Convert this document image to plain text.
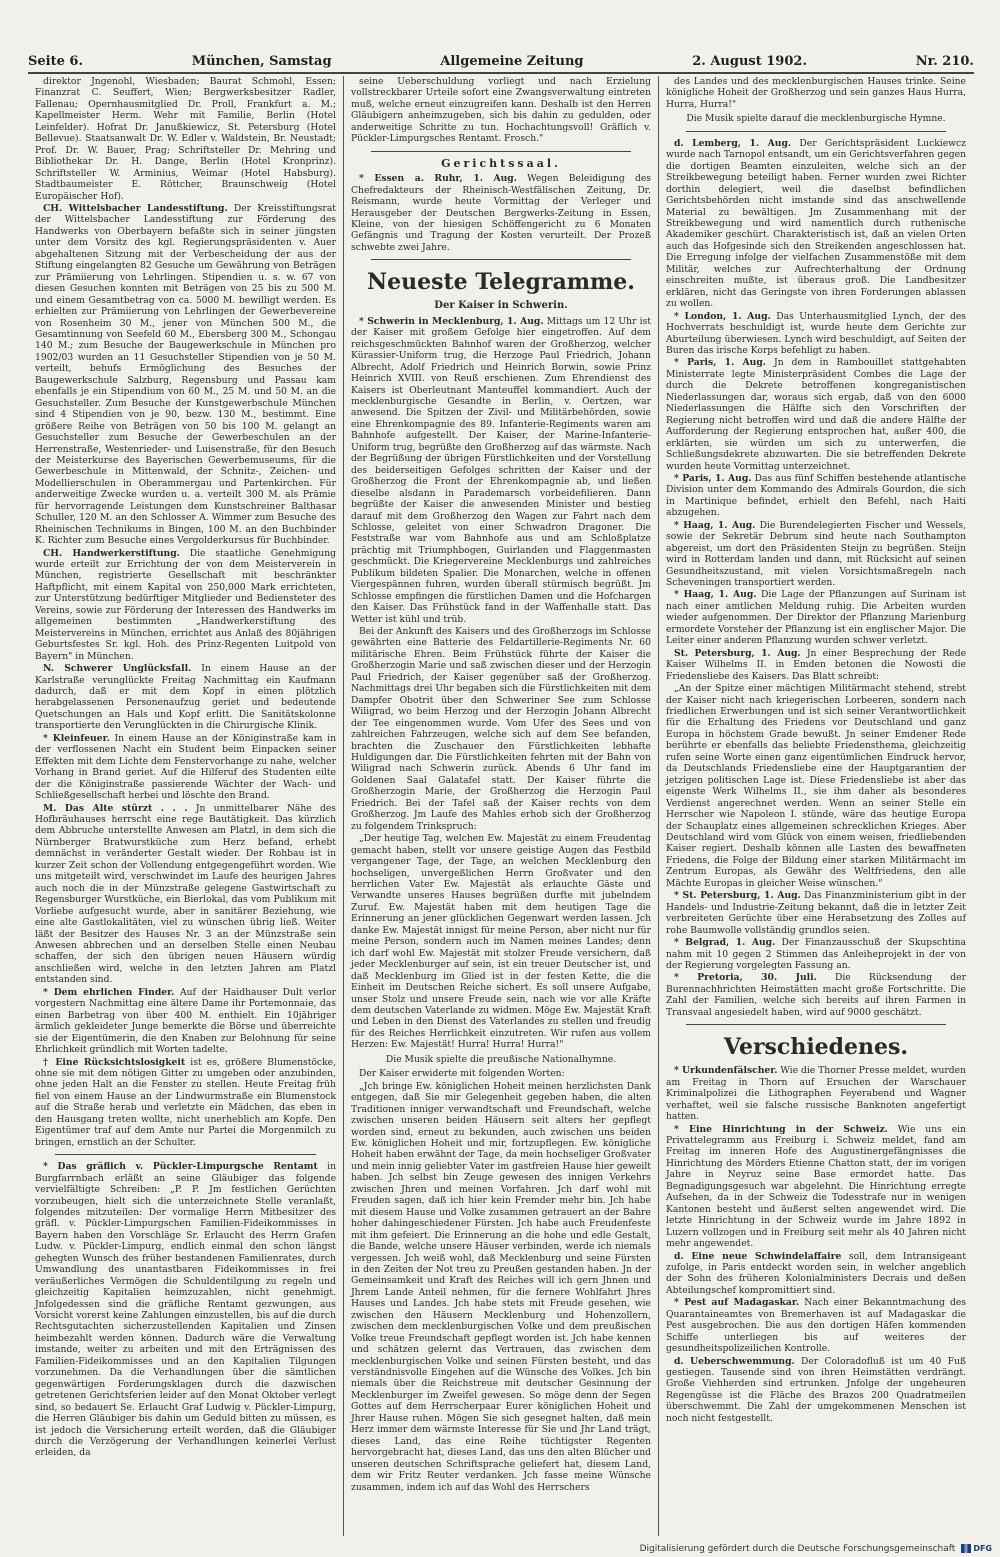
Seite 6.	München, Samstag	Allgemeine Zeitung	2. August 1902.	Nr. 210.

direktor Jngenohl, Wiesbaden; Baurat Schmohl, Essen; Finanzrat C. Seuffert, Wien; Bergwerksbesitzer Radler, Fallenau; Opernhausmitglied Dr. Proll, Frankfurt a. M.; Kapellmeister Herm. Wehr mit Familie, Berlin (Hotel Leinfelder). Hofrat Dr. Janußkiewicz, St. Petersburg (Hotel Bellevue). Staatsanwalt Dr. W. Edler v. Waldstein, Br. Neustadt; Prof. Dr. W. Bauer, Prag; Schriftsteller Dr. Mehring und Bibliothekar Dr. H. Dange, Berlin (Hotel Kronprinz). Schriftsteller W. Arminius, Weimar (Hotel Habsburg). Stadtbaumeister E. Röttcher, Braunschweig (Hotel Europäischer Hof).

CH. Wittelsbacher Landesstiftung. Der Kreisstiftungsrat der Wittelsbacher Landesstiftung zur Förderung des Handwerks von Oberbayern befaßte sich in seiner jüngsten unter dem Vorsitz des kgl. Regierungspräsidenten v. Auer abgehaltenen Sitzung mit der Verbescheidung der aus der Stiftung eingelangten 82 Gesuche um Gewährung von Beträgen zur Prämiierung von Lehrlingen. Stipendien u. s. w. 67 von diesen Gesuchen konnten mit Beträgen von 25 bis zu 500 M. und einem Gesamtbetrag von ca. 5000 M. bewilligt werden. Es erhielten zur Prämiierung von Lehrlingen der Gewerbevereine von Rosenheim 30 M., jener von München 500 M., die Gesamtinnung von Seefeld 60 M., Ebersberg 300 M., Schongau 140 M.; zum Besuche der Baugewerkschule in München pro 1902/03 wurden an 11 Gesuchsteller Stipendien von je 50 M. verteilt, behufs Ermöglichung des Besuches der Baugewerkschule Salzburg, Regensburg und Passau kam ebenfalls je ein Stipendium von 60 M., 25 M. und 50 M. an die Gesuchsteller. Zum Besuche der Kunstgewerbschule München sind 4 Stipendien von je 90, bezw. 130 M., bestimmt. Eine größere Reihe von Beträgen von 50 bis 100 M. gelangt an Gesuchsteller zum Besuche der Gewerbeschulen an der Herrenstraße, Westenrieder- und Luisenstraße, für den Besuch der Meisterkurse des Bayerischen Gewerbemuseums, für die Gewerbeschule in Mittenwald, der Schnitz-, Zeichen- und Modellierschulen in Oberammergau und Partenkirchen. Für anderweitige Zwecke wurden u. a. verteilt 300 M. als Prämie für hervorragende Leistungen dem Kunstschreiner Balthasar Schuller, 120 M. an den Schlosser A. Wimmer zum Besuche des Rheinischen Technikums in Bingen, 100 M. an den Buchbinder K. Richter zum Besuche eines Vergolderkursus für Buchbinder.

CH. Handwerkerstiftung. Die staatliche Genehmigung wurde erteilt zur Errichtung der von dem Meisterverein in München, registrierte Gesellschaft mit beschränkter Haftpflicht, mit einem Kapital von 250,000 Mark errichteten, zur Unterstützung bedürftiger Mitglieder und Bediensteter des Vereins, sowie zur Förderung der Interessen des Handwerks im allgemeinen bestimmten „Handwerkerstiftung des Meistervereins in München, errichtet aus Anlaß des 80jährigen Geburtsfestes Sr. kgl. Hoh. des Prinz-Regenten Luitpold von Bayern" in München.

N. Schwerer Unglücksfall. In einem Hause an der Karlstraße verunglückte Freitag Nachmittag ein Kaufmann dadurch, daß er mit dem Kopf in einen plötzlich herabgelassenen Personenaufzug geriet und bedeutende Quetschungen an Hals und Kopf erlitt. Die Sanitätskolonne transportierte den Verunglückten in die Chirurgische Klinik.

* Kleinfeuer. In einem Hause an der Königinstraße kam in der verflossenen Nacht ein Student beim Einpacken seiner Effekten mit dem Lichte dem Fenstervorhange zu nahe, welcher Vorhang in Brand geriet. Auf die Hilferuf des Studenten eilte der die Königinstraße passierende Wächter der Wach- und Schließgesellschaft herbei und löschte den Brand.

M. Das Alte stürzt . . . Jn unmittelbarer Nähe des Hofbräuhauses herrscht eine rege Bautätigkeit. Das kürzlich dem Abbruche unterstellte Anwesen am Platzl, in dem sich die Nürnberger Bratwurstküche zum Herz befand, erhebt demnächst in veränderter Gestalt wieder. Der Rohbau ist in kurzer Zeit schon der Vollendung entgegengeführt worden. Wie uns mitgeteilt wird, verschwindet im Laufe des heurigen Jahres auch noch die in der Münzstraße gelegene Gastwirtschaft zu Regensburger Wurstküche, ein Bierlokal, das vom Publikum mit Vorliebe aufgesucht wurde, aber in sanitärer Beziehung, wie eine alte Gastlokalitäten, viel zu wünschen übrig ließ. Weiter läßt der Besitzer des Hauses Nr. 3 an der Münzstraße sein Anwesen abbrechen und an derselben Stelle einen Neubau schaffen, der sich den übrigen neuen Häusern würdig anschließen wird, welche in den letzten Jahren am Platzl entstanden sind.

* Dem ehrlichen Finder. Auf der Haidhauser Dult verlor vorgestern Nachmittag eine ältere Dame ihr Portemonnaie, das einen Barbetrag von über 400 M. enthielt. Ein 10jähriger ärmlich gekleideter Junge bemerkte die Börse und überreichte sie der Eigentümerin, die den Knaben zur Belohnung für seine Ehrlichkeit gründlich mit Worten tadelte.

† Eine Rücksichtslosigkeit ist es, größere Blumenstöcke, ohne sie mit dem nötigen Gitter zu umgeben oder anzubinden, ohne jeden Halt an die Fenster zu stellen. Heute Freitag früh fiel von einem Hause an der Lindwurmstraße ein Blumenstock auf die Straße herab und verletzte ein Mädchen, das eben in den Hausgang treten wollte, nicht unerheblich am Kopfe. Den Eigentümer traf auf dem Amte nur Partei die Morgenmilch zu bringen, ernstlich an der Schulter.

* Das gräflich v. Pückler-Limpurgsche Rentamt in Burgfarrnbach erläßt an seine Gläubiger das folgende vervielfältigte Schreiben: „P. P. Jm festlichen Gerüchten vorzubeugen, hielt sich die unterzeichnete Stelle veranlaßt, folgendes mitzuteilen: Der vormalige Herrn Mitbesitzer des gräfl. v. Pückler-Limpurgschen Familien-Fideikommisses in Bayern haben den Vorschläge Sr. Erlaucht des Herrn Grafen Ludw. v. Pückler-Limpurg, endlich einmal den schon längst gehegten Wunsch des früher bestandenen Familienrates, durch Umwandlung des unantastbaren Fideikommisses in frei veräußerliches Vermögen die Schuldentilgung zu regeln und gleichzeitig Kapitalien heimzuzahlen, nicht genehmigt. Jnfolgedessen sind die gräfliche Rentamt gezwungen, aus Vorsicht vorerst keine Zahlungen einzustellen, bis auf die durch Rechtsgutachten sicherzustellenden Kapitalien und Zinsen heimbezahlt werden können. Dadurch wäre die Verwaltung imstande, weiter zu arbeiten und mit den Erträgnissen des Familien-Fideikommisses und an den Kapitalien Tilgungen vorzunehmen. Da die Verhandlungen über die sämtlichen gegenwärtigen Forderungsklagen durch die dazwischen getretenen Gerichtsferien leider auf den Monat Oktober verlegt sind, so bedauert Se. Erlaucht Graf Ludwig v. Pückler-Limpurg, die Herren Gläubiger bis dahin um Geduld bitten zu müssen, es ist jedoch die Versicherung erteilt worden, daß die Gläubiger durch die Verzögerung der Verhandlungen keinerlei Verlust erleiden, da

seine Ueberschuldung vorliegt und nach Erzielung vollstreckbarer Urteile sofort eine Zwangsverwaltung eintreten muß, welche erneut einzugreifen kann. Deshalb ist den Herren Gläubigern anheimzugeben, sich bis dahin zu gedulden, oder anderweitige Schritte zu tun. Hochachtungsvoll! Gräflich v. Pückler-Limpurgsches Rentamt. Frosch."

Gerichtssaal.

* Essen a. Ruhr, 1. Aug. Wegen Beleidigung des Chefredakteurs der Rheinisch-Westfälischen Zeitung, Dr. Reismann, wurde heute Vormittag der Verleger und Herausgeber der Deutschen Bergwerks-Zeitung in Essen, Kleine, von der hiesigen Schöffengericht zu 6 Monaten Gefängnis und Tragung der Kosten verurteilt. Der Prozeß schwebte zwei Jahre.

Neueste Telegramme.
Der Kaiser in Schwerin.

* Schwerin in Mecklenburg, 1. Aug. Mittags um 12 Uhr ist der Kaiser mit großem Gefolge hier eingetroffen. Auf dem reichsgeschmückten Bahnhof waren der Großherzog, welcher Kürassier-Uniform trug, die Herzoge Paul Friedrich, Johann Albrecht, Adolf Friedrich und Heinrich Borwin, sowie Prinz Heinrich XVIII. von Reuß erschienen. Zum Ehrendienst des Kaisers ist Oberleutnant Manteuffel kommandiert. Auch der mecklenburgische Gesandte in Berlin, v. Oertzen, war anwesend. Die Spitzen der Zivil- und Militärbehörden, sowie eine Ehrenkompagnie des 89. Infanterie-Regiments waren am Bahnhofe aufgestellt. Der Kaiser, der Marine-Infanterie-Uniform trug, begrüßte den Großherzog auf das wärmste. Nach der Begrüßung der übrigen Fürstlichkeiten und der Vorstellung des beiderseitigen Gefolges schritten der Kaiser und der Großherzog die Front der Ehrenkompagnie ab, und ließen dieselbe alsdann in Parademarsch vorbeidefilieren. Dann begrüßte der Kaiser die anwesenden Minister und bestieg darauf mit dem Großherzog den Wagen zur Fahrt nach dem Schlosse, geleitet von einer Schwadron Dragoner. Die Feststraße war vom Bahnhofe aus und am Schloßplatze prächtig mit Triumphbogen, Guirlanden und Flaggenmasten geschmückt. Die Kriegervereine Mecklenburgs und zahlreiches Publikum bildeten Spalier. Die Monarchen, welche in offenen Viergespännen fuhren, wurden überall stürmisch begrüßt. Jm Schlosse empfingen die fürstlichen Damen und die Hofchargen den Kaiser. Das Frühstück fand in der Waffenhalle statt. Das Wetter ist kühl und trüb.

Bei der Ankunft des Kaisers und des Großherzogs im Schlosse gewährten eine Batterie des Feldartillerie-Regiments Nr. 60 militärische Ehren. Beim Frühstück führte der Kaiser die Großherzogin Marie und saß zwischen dieser und der Herzogin Paul Friedrich, der Kaiser gegenüber saß der Großherzog. Nachmittags drei Uhr begaben sich die Fürstlichkeiten mit dem Dampfer Obotrit über den Schweriner See zum Schlosse Wiligrad, wo beim Herzog und der Herzogin Johann Albrecht der Tee eingenommen wurde. Vom Ufer des Sees und von zahlreichen Fahrzeugen, welche sich auf dem See befanden, brachten die Zuschauer den Fürstlichkeiten lebhafte Huldigungen dar. Die Fürstlichkeiten fehrten mit der Bahn von Wiligrad nach Schwerin zurück. Abends 6 Uhr fand im Goldenen Saal Galatafel statt. Der Kaiser führte die Großherzogin Marie, der Großherzog die Herzogin Paul Friedrich. Bei der Tafel saß der Kaiser rechts von dem Großherzog. Jm Laufe des Mahles erhob sich der Großherzog zu folgendem Trinkspruch:

„Der heutige Tag, welchen Ew. Majestät zu einem Freudentag gemacht haben, stellt vor unsere geistige Augen das Festbild vergangener Tage, der Tage, an welchen Mecklenburg den hochseligen, unvergeßlichen Herrn Großvater und den herrlichen Vater Ew. Majestät als erlauchte Gäste und Verwandte unseres Hauses begrüßen durfte mit jubelndem Zuruf. Ew. Majestät haben mit dem heutigen Tage die Erinnerung an jener glücklichen Gegenwart werden lassen. Jch danke Ew. Majestät innigst für meine Person, aber nicht nur für meine Person, sondern auch im Namen meines Landes; denn ich darf wohl Ew. Majestät mit stolzer Freude versichern, daß jeder Mecklenburger auf sein, ist ein treuer Deutscher ist, und daß Mecklenburg im Glied ist in der festen Kette, die die Einheit im Deutschen Reiche sichert. Es soll unsere Aufgabe, unser Stolz und unsere Freude sein, nach wie vor alle Kräfte dem deutschen Vaterlande zu widmen. Möge Ew. Majestät Kraft und Leben in den Dienst des Vaterlandes zu stellen und freudig für des Reiches Herrlichkeit einzutreten. Wir rufen aus vollem Herzen: Ew. Majestät! Hurra! Hurra! Hurra!"

Die Musik spielte die preußische Nationalhymne.

Der Kaiser erwiderte mit folgenden Worten:

„Jch bringe Ew. königlichen Hoheit meinen herzlichsten Dank entgegen, daß Sie mir Gelegenheit gegeben haben, die alten Traditionen inniger verwandtschaft und Freundschaft, welche zwischen unseren beiden Häusern seit alters her gepflegt worden sind, erneut zu bekunden, auch zwischen uns beiden Ew. königlichen Hoheit und mir, fortzupflegen. Ew. königliche Hoheit haben erwähnt der Tage, da mein hochseliger Großvater und mein innig geliebter Vater im gastfreien Hause hier geweilt haben. Jch selbst bin Zeuge gewesen des innigen Verkehrs zwischen Jhren und meinen Vorfahren. Jch darf wohl mit Freuden sagen, daß ich hier kein Fremder mehr bin. Jch habe mit diesem Hause und Volke zusammen getrauert an der Bahre hoher dahingeschiedener Fürsten. Jch habe auch Freudenfeste mit ihm gefeiert. Die Erinnerung an die hohe und edle Gestalt, die Bande, welche unsere Häuser verbinden, werde ich niemals vergessen. Jch weiß wohl, daß Mecklenburg und seine Fürsten in den Zeiten der Not treu zu Preußen gestanden haben. Jn der Gemeinsamkeit und Kraft des Reiches will ich gern Jhnen und Jhrem Lande Anteil nehmen, für die fernere Wohlfahrt Jhres Hauses und Landes. Jch habe stets mit Freude gesehen, wie zwischen den Häusern Mecklenburg und Hohenzollern, zwischen dem mecklenburgischen Volke und dem preußischen Volke treue Freundschaft gepflegt worden ist. Jch habe kennen und schätzen gelernt das Vertrauen, das zwischen dem mecklenburgischen Volke und seinen Fürsten besteht, und das verständnisvolle Eingehen auf die Wünsche des Volkes. Jch bin niemals über die Reichstreue mit deutscher Gesinnung der Mecklenburger im Zweifel gewesen. So möge denn der Segen Gottes auf dem Herrscherpaar Eurer königlichen Hoheit und Jhrer Hause ruhen. Mögen Sie sich gesegnet halten, daß mein Herz immer dem wärmste Interesse für Sie und Jhr Land trägt, dieses Land, das eine Reihe tüchtigster Regenten hervorgebracht hat, dieses Land, das uns den alten Blücher und unseren deutschen Schriftsprache geliefert hat, diesem Land, dem wir Fritz Reuter verdanken. Jch fasse meine Wünsche zusammen, indem ich auf das Wohl des Herrschers

des Landes und des mecklenburgischen Hauses trinke. Seine königliche Hoheit der Großherzog und sein ganzes Haus Hurra, Hurra, Hurra!"

Die Musik spielte darauf die mecklenburgische Hymne.

d. Lemberg, 1. Aug. Der Gerichtspräsident Luckiewcz wurde nach Tarnopol entsandt, um ein Gerichtsverfahren gegen die dortigen Beamten einzuleiten, welche sich an der Streikbewegung beteiligt haben. Ferner wurden zwei Richter dorthin delegiert, weil die daselbst befindlichen Gerichtsbehörden nicht imstande sind das anschwellende Material zu bewältigen. Jm Zusammenhang mit der Streikbewegung und wird namentlich durch ruthenische Akademiker geschürt. Charakteristisch ist, daß an vielen Orten auch das Hofgesinde sich den Streikenden angeschlossen hat. Die Erregung infolge der vielfachen Zusammenstöße mit dem Militär, welches zur Aufrechterhaltung der Ordnung einschreiten mußte, ist überaus groß. Die Landbesitzer erklären, nicht das Geringste von ihren Forderungen ablassen zu wollen.

* London, 1. Aug. Das Unterhausmitglied Lynch, der des Hochverrats beschuldigt ist, wurde heute dem Gerichte zur Aburteilung überwiesen. Lynch wird beschuldigt, auf Seiten der Buren das irische Korps befehligt zu haben.

* Paris, 1. Aug. Jn dem in Rambouillet stattgehabten Ministerrate legte Ministerpräsident Combes die Lage der durch die Dekrete betroffenen kongreganistischen Niederlassungen dar, woraus sich ergab, daß von den 6000 Niederlassungen die Hälfte sich den Vorschriften der Regierung nicht betroffen wird und daß die andere Hälfte der Aufforderung der Regierung entsprochen hat, außer 400, die erklärten, sie würden um sich zu unterwerfen, die Schließungsdekrete abzuwarten. Die sie betreffenden Dekrete wurden heute Vormittag unterzeichnet.

* Paris, 1. Aug. Das aus fünf Schiffen bestehende atlantische Division unter dem Kommando des Admirals Gourdon, die sich in Martinique befindet, erhielt den Befehl, nach Haiti abzugehen.

* Haag, 1. Aug. Die Burendelegierten Fischer und Wessels, sowie der Sekretär Debrum sind heute nach Southampton abgereist, um dort den Präsidenten Steijn zu begrüßen. Steijn wird in Rotterdam landen und dann, mit Rücksicht auf seinen Gesundheitszustand, mit vielen Vorsichtsmaßregeln nach Scheveningen transportiert werden.

* Haag, 1. Aug. Die Lage der Pflanzungen auf Surinam ist nach einer amtlichen Meldung ruhig. Die Arbeiten wurden wieder aufgenommen. Der Direktor der Pflanzung Marienburg ermordete Vorsteher der Pflanzung ist ein englischer Major. Die Leiter einer anderen Pflanzung wurden schwer verletzt.

St. Petersburg, 1. Aug. Jn einer Besprechung der Rede Kaiser Wilhelms II. in Emden betonen die Nowosti die Friedensliebe des Kaisers. Das Blatt schreibt:

„An der Spitze einer mächtigen Militärmacht stehend, strebt der Kaiser nicht nach kriegerischen Lorbeeren, sondern nach friedlichen Erwerbungen und ist sich seiner Verantwortlichkeit für die Erhaltung des Friedens vor Deutschland und ganz Europa in höchstem Grade bewußt. Jn seiner Emdener Rede berührte er ebenfalls das beliebte Friedensthema, gleichzeitig rufen seine Worte einen ganz eigentümlichen Eindruck hervor, da Deutschlands Friedensliebe eine der Hauptgarantien der jetzigen politischen Lage ist. Diese Friedensliebe ist aber das eigenste Werk Wilhelms II., sie ihm daher als besonderes Verdienst angerechnet werden. Wenn an seiner Stelle ein Herrscher wie Napoleon I. stünde, wäre das heutige Europa der Schauplatz eines allgemeinen schrecklichen Krieges. Aber Deutschland wird vom Glück von einem weisen, friedliebenden Kaiser regiert. Deshalb können alle Lasten des bewaffneten Friedens, die Folge der Bildung einer starken Militärmacht im Zentrum Europas, als Gewähr des Weltfriedens, den alle Mächte Europas in gleicher Weise wünschen."

* St. Petersburg, 1. Aug. Das Finanzministerium gibt in der Handels- und Industrie-Zeitung bekannt, daß die in letzter Zeit verbreiteten Gerüchte über eine Herabsetzung des Zolles auf rohe Baumwolle vollständig grundlos seien.

* Belgrad, 1. Aug. Der Finanzausschuß der Skupschtina nahm mit 10 gegen 2 Stimmen das Anleiheprojekt in der von der Regierung vorgelegten Fassung an.

* Pretoria, 30. Juli. Die Rücksendung der Burennachhrichten Heimstätten macht große Fortschritte. Die Zahl der Familien, welche sich bereits auf ihren Farmen in Transvaal angesiedelt haben, wird auf 9000 geschätzt.

Verschiedenes.

* Urkundenfälscher. Wie die Thorner Presse meldet, wurden am Freitag in Thorn auf Ersuchen der Warschauer Kriminalpolizei die Lithographen Feyerabend und Wagner verhaftet, weil sie falsche russische Banknoten angefertigt hatten.

* Eine Hinrichtung in der Schweiz. Wie uns ein Privattelegramm aus Freiburg i. Schweiz meldet, fand am Freitag im inneren Hofe des Augustinergefängnisses die Hinrichtung des Mörders Etienne Chatton statt, der im vorigen Jahre in Neyruz seine Base ermordet hatte. Das Begnadigungsgesuch war abgelehnt. Die Hinrichtung erregte Aufsehen, da in der Schweiz die Todesstrafe nur in wenigen Kantonen besteht und äußerst selten angewendet wird. Die letzte Hinrichtung in der Schweiz wurde im Jahre 1892 in Luzern vollzogen und in Freiburg seit mehr als 40 Jahren nicht mehr angewendet.

d. Eine neue Schwindelaffaire soll, dem Intransigeant zufolge, in Paris entdeckt worden sein, in welcher angeblich der Sohn des früheren Kolonialministers Decrais und deßen Abteilungschef kompromittiert sind.

* Pest auf Madagaskar. Nach einer Bekanntmachung des Quarantaineamtes von Bremerhaven ist auf Madagaskar die Pest ausgebrochen. Die aus den dortigen Häfen kommenden Schiffe unterliegen bis auf weiteres der gesundheitspolizeilichen Kontrolle.

d. Ueberschwemmung. Der Coloradofluß ist um 40 Fuß gestiegen. Tausende sind von ihren Heimstätten verdrängt. Große Viehherden sind ertrunken. Jnfolge der ungeheuren Regengüsse ist die Fläche des Brazos 200 Quadratmeilen überschwemmt. Die Zahl der umgekommenen Menschen ist noch nicht festgestellt.

Digitalisierung gefördert durch die Deutsche Forschungsgemeinschaft DFG
